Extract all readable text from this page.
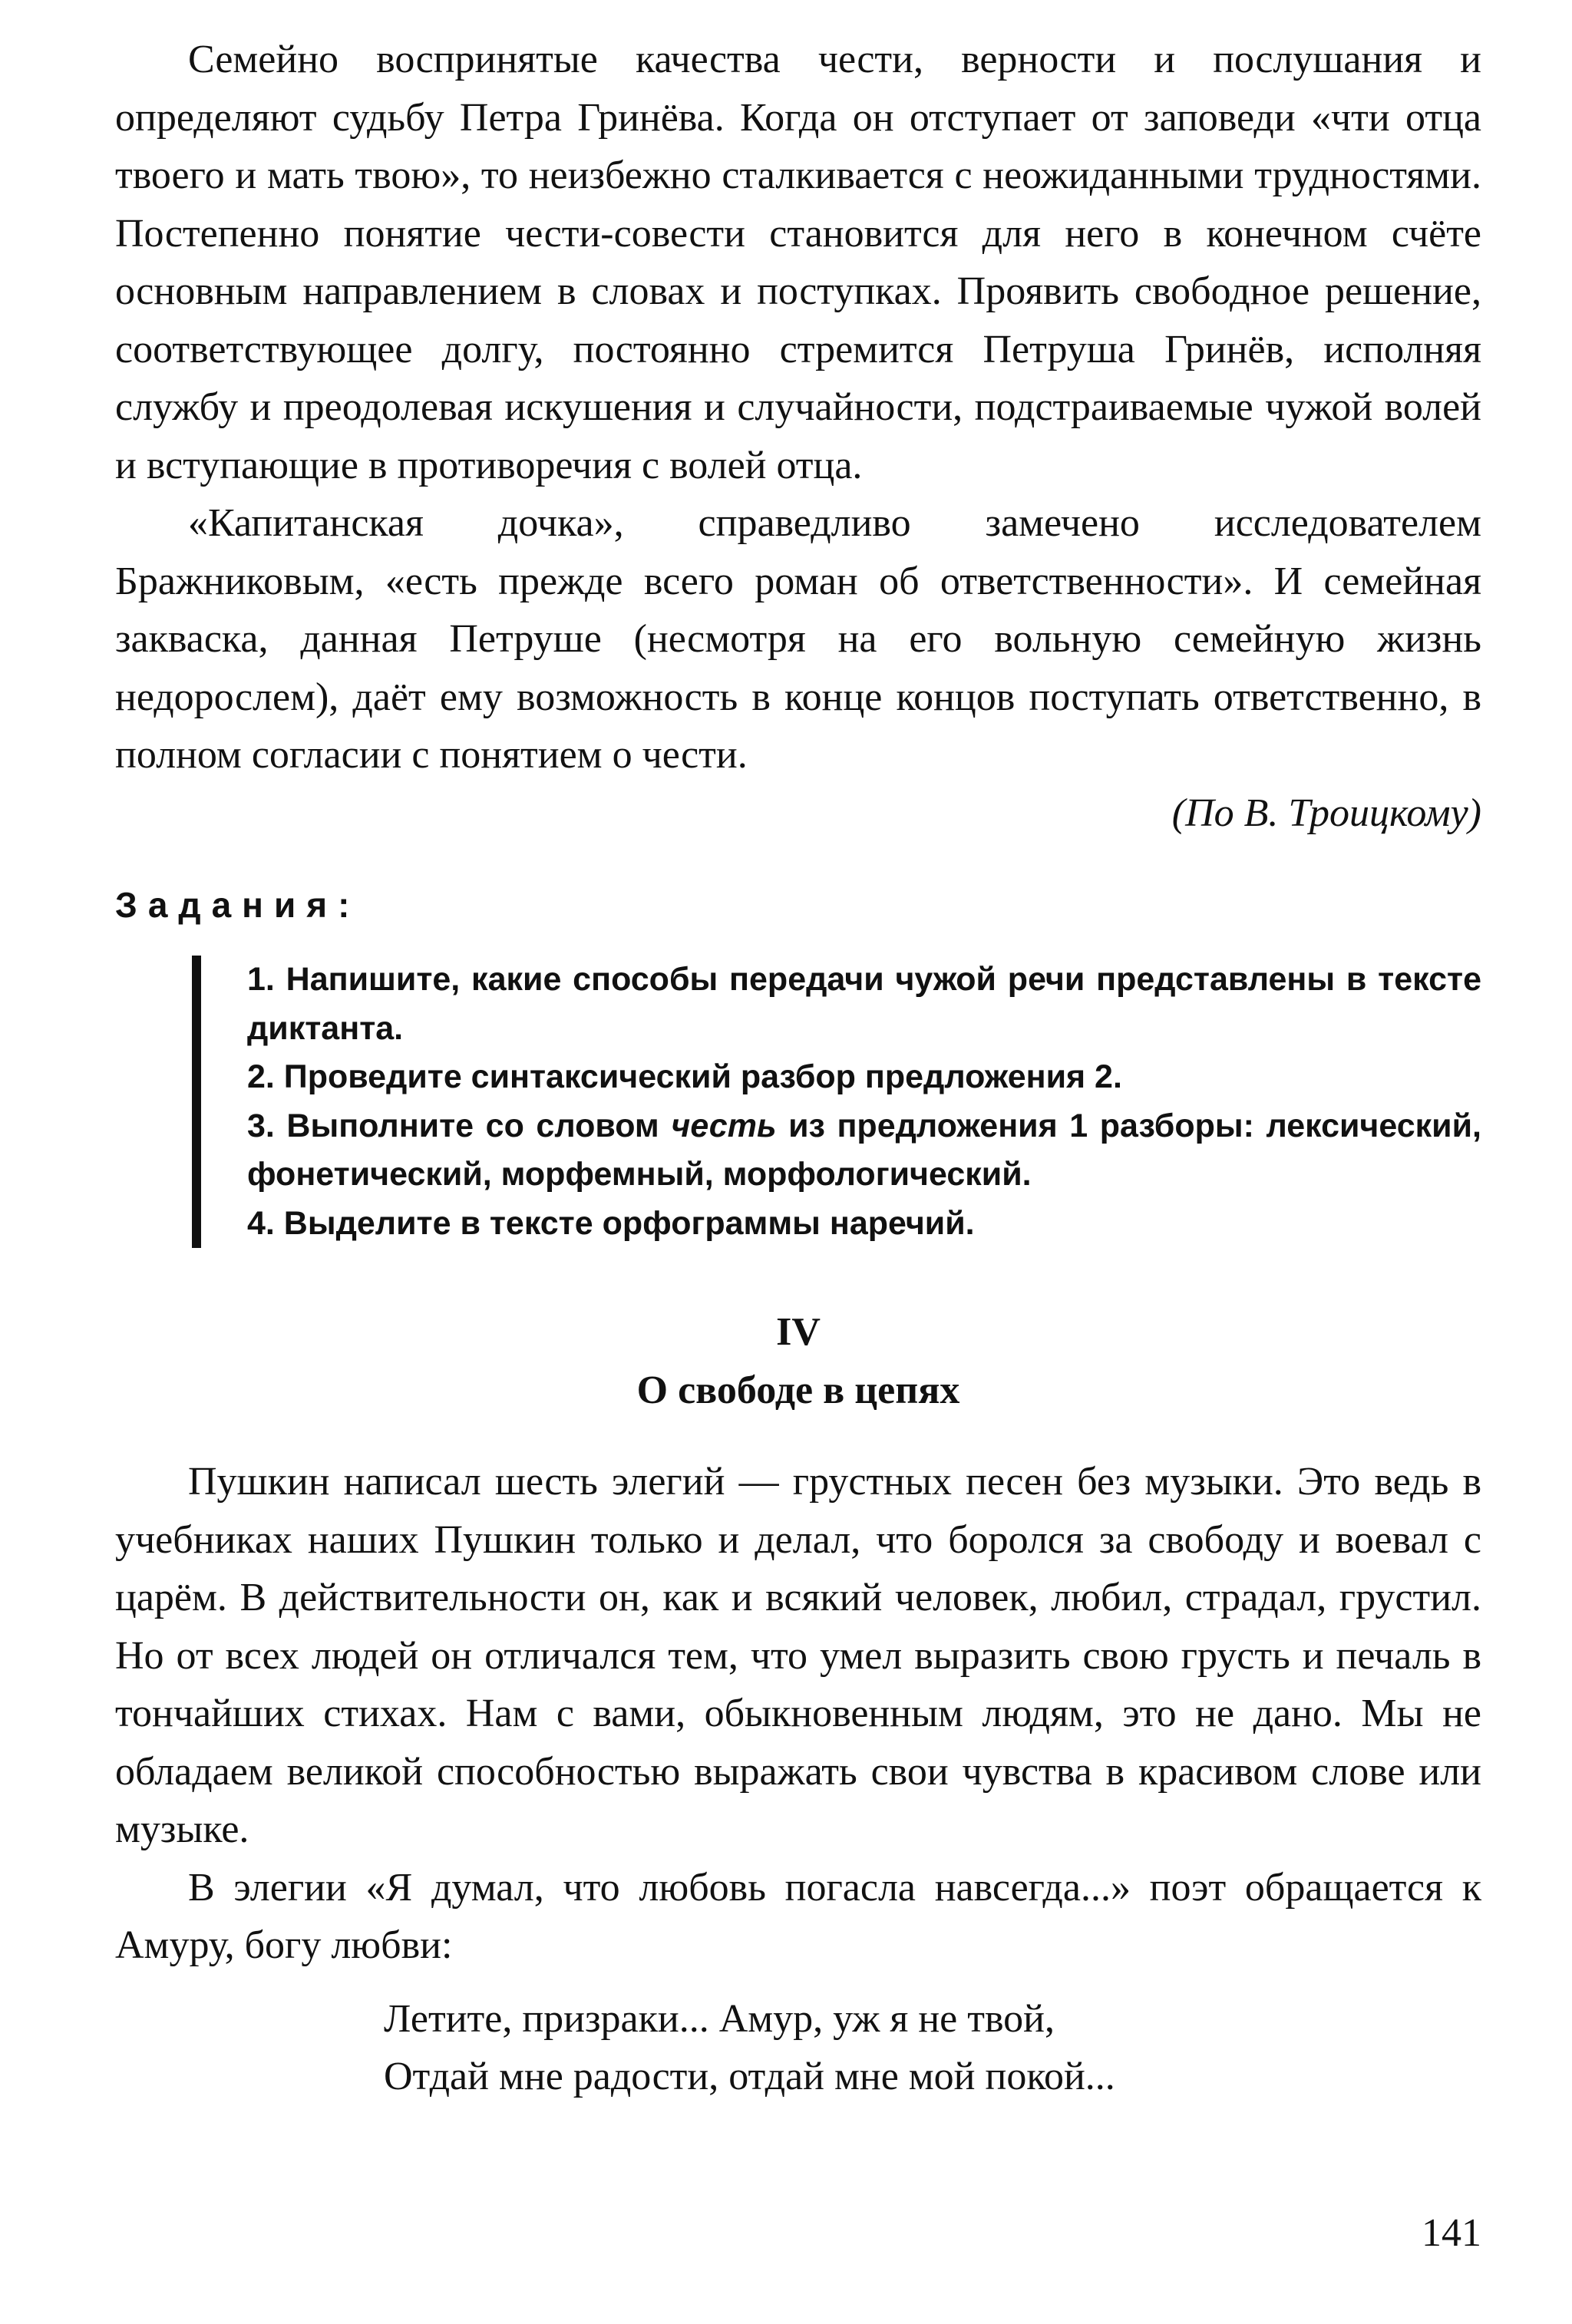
Семейно воспринятые качества чести, верности и послушания и определяют судьбу Петра Гринёва. Когда он отступает от заповеди «чти отца твоего и мать твою», то неизбежно сталкивается с неожиданными трудностями. Постепенно понятие чести-совести становится для него в конечном счёте основным направлением в словах и поступках. Проявить свободное решение, соответствующее долгу, постоянно стремится Петруша Гринёв, исполняя службу и преодолевая искушения и случайности, подстраиваемые чужой волей и вступающие в противоречия с волей отца.

«Капитанская дочка», справедливо замечено исследователем Бражниковым, «есть прежде всего роман об ответственности». И семейная закваска, данная Петруше (несмотря на его вольную семейную жизнь недорослем), даёт ему возможность в конце концов поступать ответственно, в полном согласии с понятием о чести.

(По В. Троицкому)

Задания:

1. Напишите, какие способы передачи чужой речи представлены в тексте диктанта.

2. Проведите синтаксический разбор предложения 2.

3. Выполните со словом честь из предложения 1 разборы: лексический, фонетический, морфемный, морфологический.

4. Выделите в тексте орфограммы наречий.

IV

О свободе в цепях

Пушкин написал шесть элегий — грустных песен без музыки. Это ведь в учебниках наших Пушкин только и делал, что боролся за свободу и воевал с царём. В действительности он, как и всякий человек, любил, страдал, грустил. Но от всех людей он отличался тем, что умел выразить свою грусть и печаль в тончайших стихах. Нам с вами, обыкновенным людям, это не дано. Мы не обладаем великой способностью выражать свои чувства в красивом слове или музыке.

В элегии «Я думал, что любовь погасла навсегда...» поэт обращается к Амуру, богу любви:

Летите, призраки... Амур, уж я не твой,

Отдай мне радости, отдай мне мой покой...

141
